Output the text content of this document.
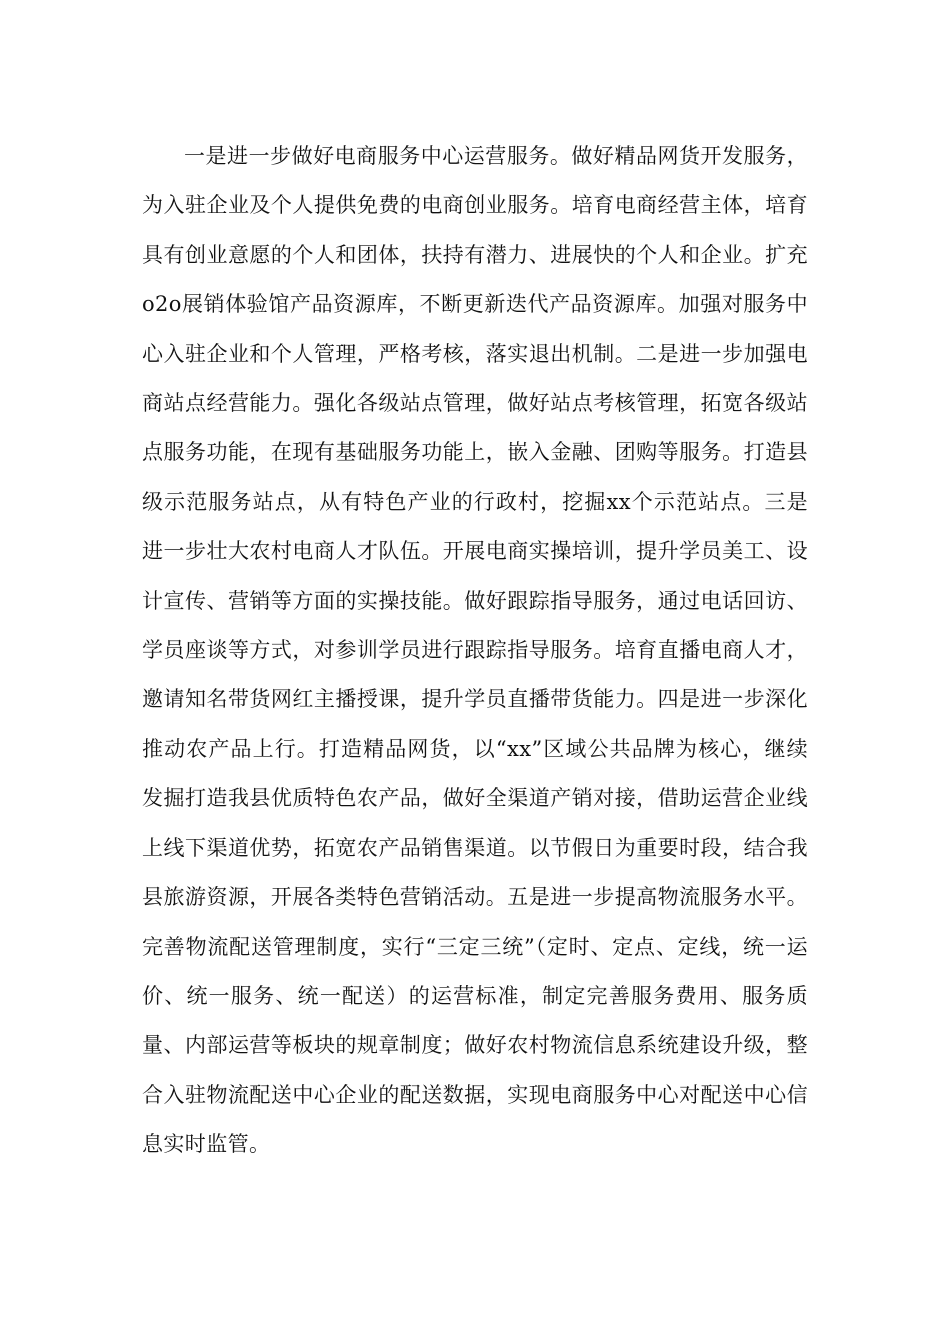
一是进一步做好电商服务中心运营服务。做好精品网货开发服务，为入驻企业及个人提供免费的电商创业服务。培育电商经营主体，培育具有创业意愿的个人和团体，扶持有潜力、进展快的个人和企业。扩充o2o展销体验馆产品资源库，不断更新迭代产品资源库。加强对服务中心入驻企业和个人管理，严格考核，落实退出机制。二是进一步加强电商站点经营能力。强化各级站点管理，做好站点考核管理，拓宽各级站点服务功能，在现有基础服务功能上，嵌入金融、团购等服务。打造县级示范服务站点，从有特色产业的行政村，挖掘xx个示范站点。三是进一步壮大农村电商人才队伍。开展电商实操培训，提升学员美工、设计宣传、营销等方面的实操技能。做好跟踪指导服务，通过电话回访、学员座谈等方式，对参训学员进行跟踪指导服务。培育直播电商人才，邀请知名带货网红主播授课，提升学员直播带货能力。四是进一步深化推动农产品上行。打造精品网货，以“xx”区域公共品牌为核心，继续发掘打造我县优质特色农产品，做好全渠道产销对接，借助运营企业线上线下渠道优势，拓宽农产品销售渠道。以节假日为重要时段，结合我县旅游资源，开展各类特色营销活动。五是进一步提高物流服务水平。完善物流配送管理制度，实行“三定三统”（定时、定点、定线，统一运价、统一服务、统一配送）的运营标准，制定完善服务费用、服务质量、内部运营等板块的规章制度；做好农村物流信息系统建设升级，整合入驻物流配送中心企业的配送数据，实现电商服务中心对配送中心信息实时监管。
